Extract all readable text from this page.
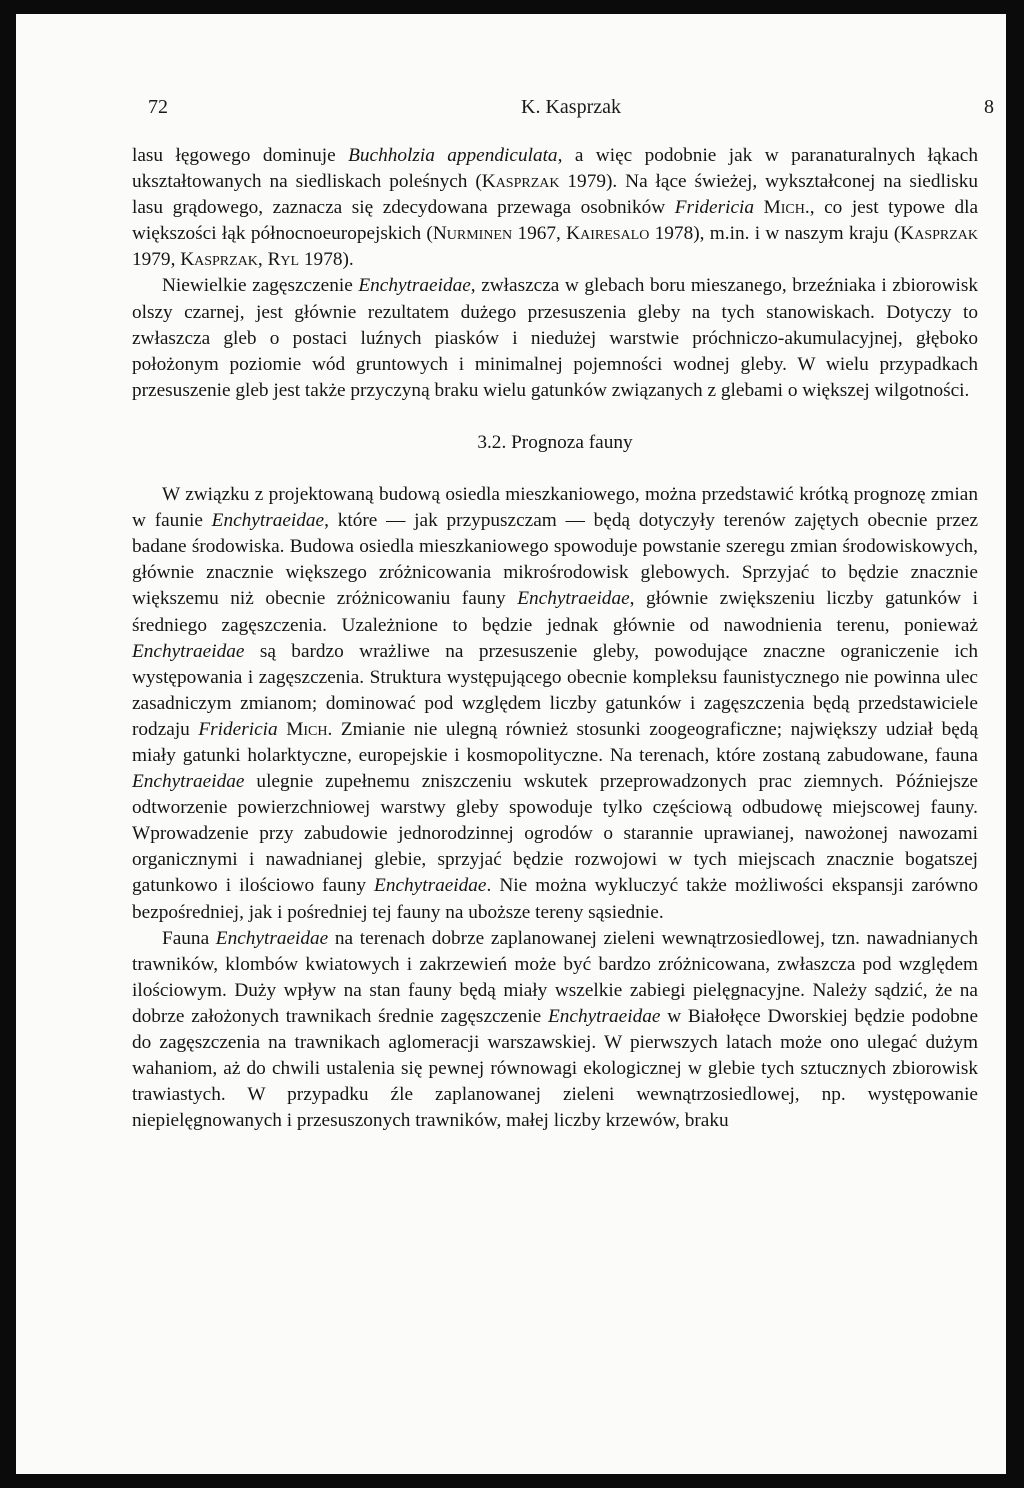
72	K. Kasprzak	8

lasu łęgowego dominuje Buchholzia appendiculata, a więc podobnie jak w paranaturalnych łąkach ukształtowanych na siedliskach poleśnych (Kasprzak 1979). Na łące świeżej, wykształconej na siedlisku lasu grądowego, zaznacza się zdecydowana przewaga osobników Fridericia Mich., co jest typowe dla większości łąk północnoeuropejskich (Nurminen 1967, Kairesalo 1978), m.in. i w naszym kraju (Kasprzak 1979, Kasprzak, Ryl 1978).

Niewielkie zagęszczenie Enchytraeidae, zwłaszcza w glebach boru mieszanego, brzeźniaka i zbiorowisk olszy czarnej, jest głównie rezultatem dużego przesuszenia gleby na tych stanowiskach. Dotyczy to zwłaszcza gleb o postaci luźnych piasków i niedużej warstwie próchniczo-akumulacyjnej, głęboko położonym poziomie wód gruntowych i minimalnej pojemności wodnej gleby. W wielu przypadkach przesuszenie gleb jest także przyczyną braku wielu gatunków związanych z glebami o większej wilgotności.

3.2. Prognoza fauny

W związku z projektowaną budową osiedla mieszkaniowego, można przedstawić krótką prognozę zmian w faunie Enchytraeidae, które — jak przypuszczam — będą dotyczyły terenów zajętych obecnie przez badane środowiska. Budowa osiedla mieszkaniowego spowoduje powstanie szeregu zmian środowiskowych, głównie znacznie większego zróżnicowania mikrośrodowisk glebowych. Sprzyjać to będzie znacznie większemu niż obecnie zróżnicowaniu fauny Enchytraeidae, głównie zwiększeniu liczby gatunków i średniego zagęszczenia. Uzależnione to będzie jednak głównie od nawodnienia terenu, ponieważ Enchytraeidae są bardzo wrażliwe na przesuszenie gleby, powodujące znaczne ograniczenie ich występowania i zagęszczenia. Struktura występującego obecnie kompleksu faunistycznego nie powinna ulec zasadniczym zmianom; dominować pod względem liczby gatunków i zagęszczenia będą przedstawiciele rodzaju Fridericia Mich. Zmianie nie ulegną również stosunki zoogeograficzne; największy udział będą miały gatunki holarktyczne, europejskie i kosmopolityczne. Na terenach, które zostaną zabudowane, fauna Enchytraeidae ulegnie zupełnemu zniszczeniu wskutek przeprowadzonych prac ziemnych. Późniejsze odtworzenie powierzchniowej warstwy gleby spowoduje tylko częściową odbudowę miejscowej fauny. Wprowadzenie przy zabudowie jednorodzinnej ogrodów o starannie uprawianej, nawożonej nawozami organicznymi i nawadnianej glebie, sprzyjać będzie rozwojowi w tych miejscach znacznie bogatszej gatunkowo i ilościowo fauny Enchytraeidae. Nie można wykluczyć także możliwości ekspansji zarówno bezpośredniej, jak i pośredniej tej fauny na uboższe tereny sąsiednie.

Fauna Enchytraeidae na terenach dobrze zaplanowanej zieleni wewnątrzosiedlowej, tzn. nawadnianych trawników, klombów kwiatowych i zakrzewień może być bardzo zróżnicowana, zwłaszcza pod względem ilościowym. Duży wpływ na stan fauny będą miały wszelkie zabiegi pielęgnacyjne. Należy sądzić, że na dobrze założonych trawnikach średnie zagęszczenie Enchytraeidae w Białołęce Dworskiej będzie podobne do zagęszczenia na trawnikach aglomeracji warszawskiej. W pierwszych latach może ono ulegać dużym wahaniom, aż do chwili ustalenia się pewnej równowagi ekologicznej w glebie tych sztucznych zbiorowisk trawiastych. W przypadku źle zaplanowanej zieleni wewnątrzosiedlowej, np. występowanie niepielęgnowanych i przesuszonych trawników, małej liczby krzewów, braku
